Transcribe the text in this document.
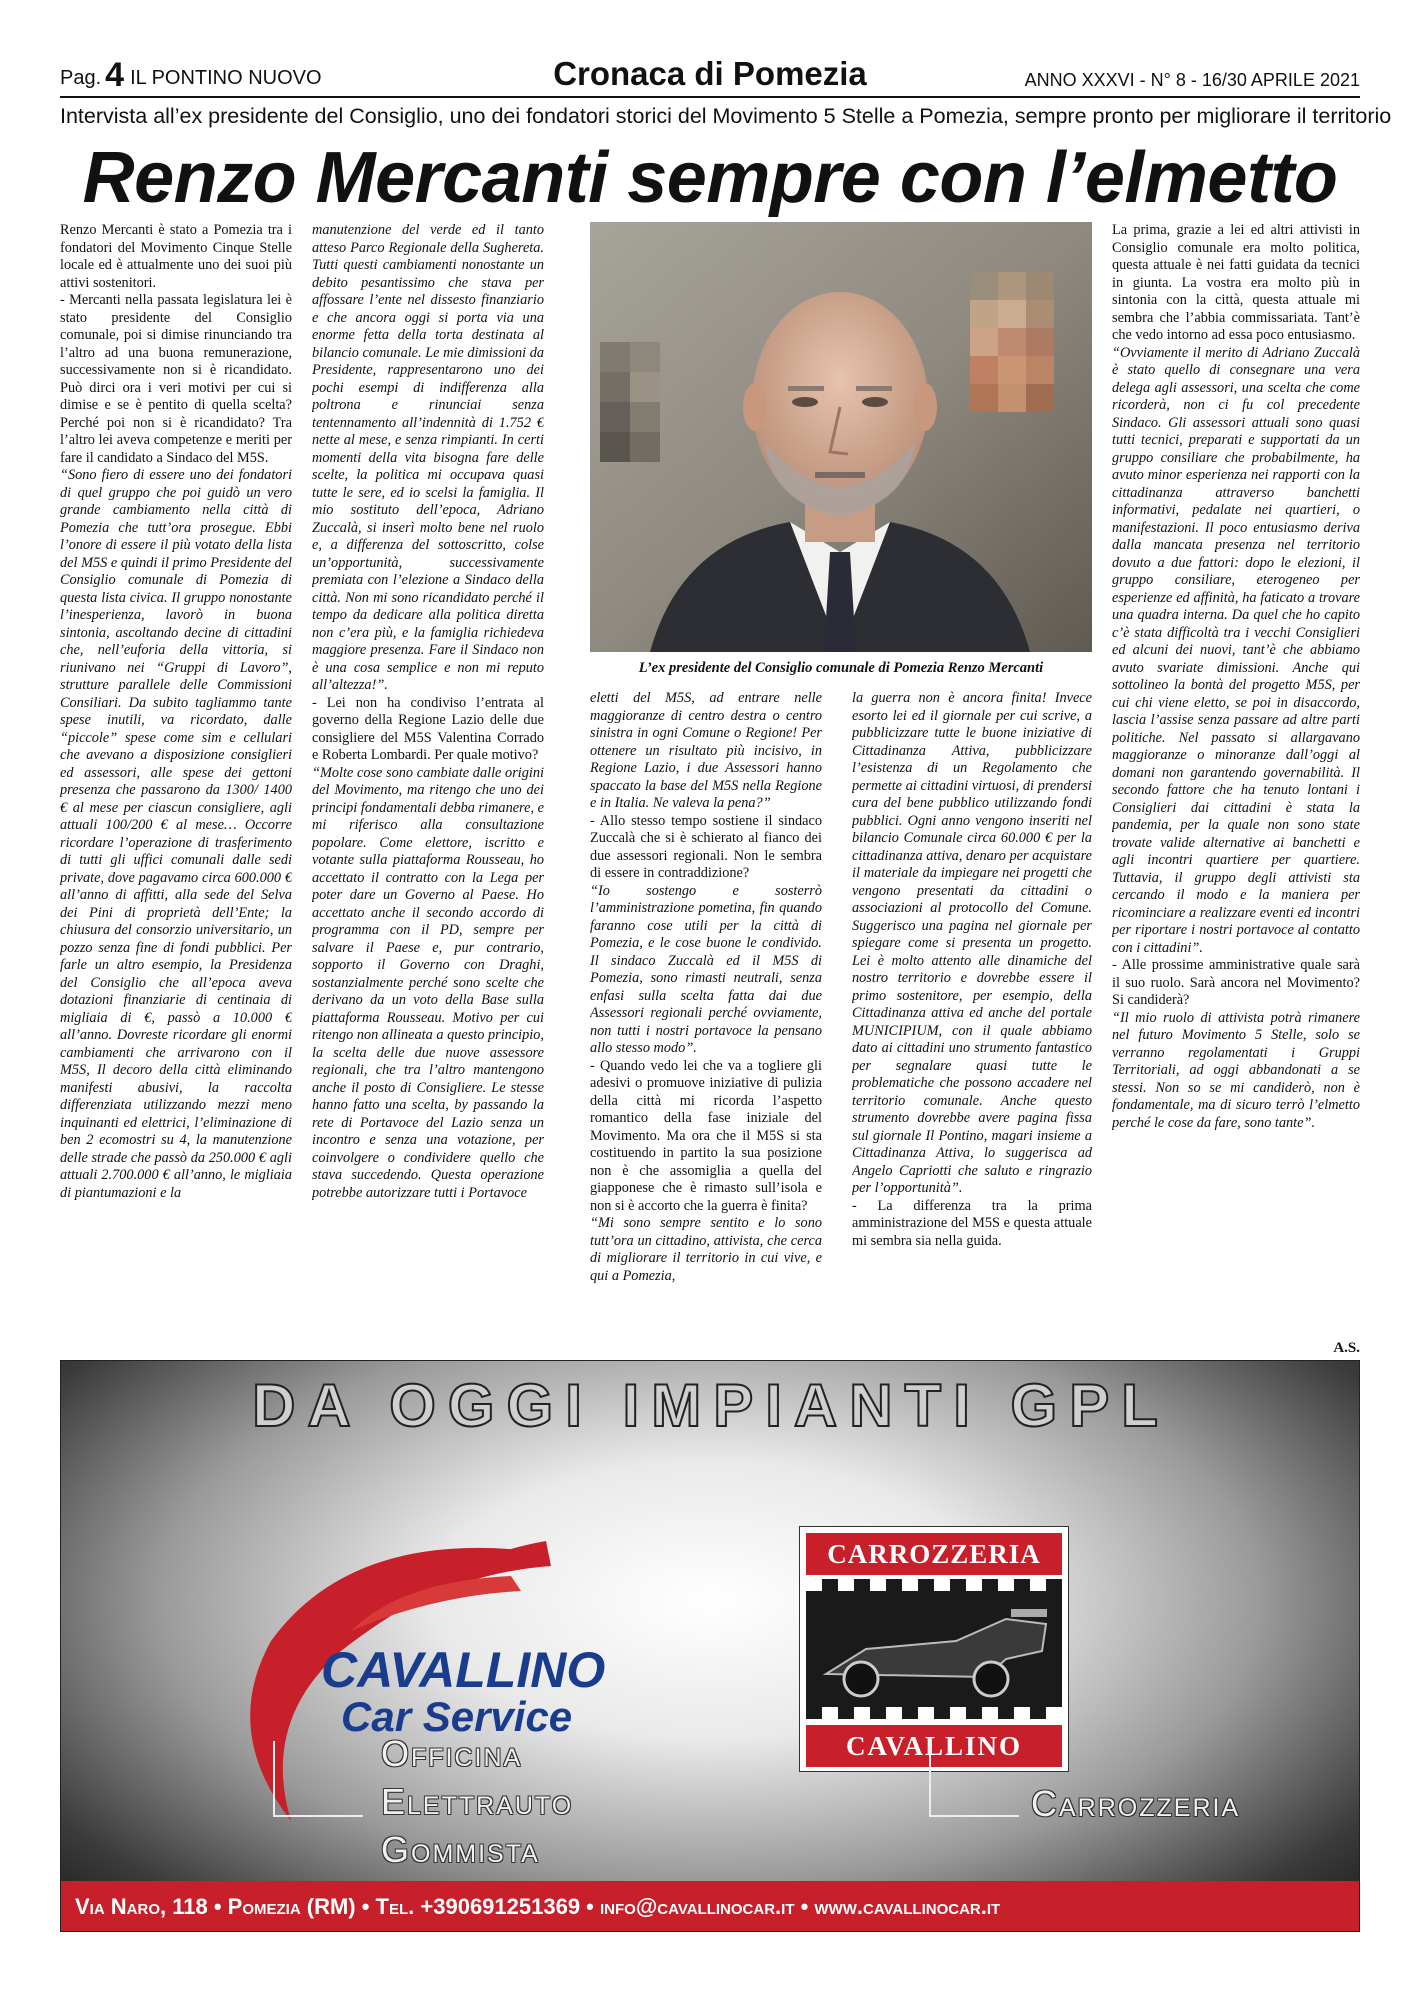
Pag. 4 IL PONTINO NUOVO	Cronaca di Pomezia	ANNO XXXVI - N° 8 - 16/30 APRILE 2021
Intervista all’ex presidente del Consiglio, uno dei fondatori storici del Movimento 5 Stelle a Pomezia, sempre pronto per migliorare il territorio
Renzo Mercanti sempre con l’elmetto

Renzo Mercanti è stato a Pomezia tra i fondatori del Movimento Cinque Stelle locale ed è attualmente uno dei suoi più attivi sostenitori.

- Mercanti nella passata legislatura lei è stato presidente del Consiglio comunale, poi si dimise rinunciando tra l’altro ad una buona remunerazione, successivamente non si è ricandidato. Può dirci ora i veri motivi per cui si dimise e se è pentito di quella scelta? Perché poi non si è ricandidato? Tra l’altro lei aveva competenze e meriti per fare il candidato a Sindaco del M5S.

“Sono fiero di essere uno dei fondatori di quel gruppo che poi guidò un vero grande cambiamento nella città di Pomezia che tutt’ora prosegue. Ebbi l’onore di essere il più votato della lista del M5S e quindi il primo Presidente del Consiglio comunale di Pomezia di questa lista civica. Il gruppo nonostante l’inesperienza, lavorò in buona sintonia, ascoltando decine di cittadini che, nell’euforia della vittoria, si riunivano nei “Gruppi di Lavoro”, strutture parallele delle Commissioni Consiliari. Da subito tagliammo tante spese inutili, va ricordato, dalle “piccole” spese come sim e cellulari che avevano a disposizione consiglieri ed assessori, alle spese dei gettoni presenza che passarono da 1300/ 1400 € al mese per ciascun consigliere, agli attuali 100/200 € al mese… Occorre ricordare l’operazione di trasferimento di tutti gli uffici comunali dalle sedi private, dove pagavamo circa 600.000 € all’anno di affitti, alla sede del Selva dei Pini di proprietà dell’Ente; la chiusura del consorzio universitario, un pozzo senza fine di fondi pubblici. Per farle un altro esempio, la Presidenza del Consiglio che all’epoca aveva dotazioni finanziarie di centinaia di migliaia di €, passò a 10.000 € all’anno. Dovreste ricordare gli enormi cambiamenti che arrivarono con il M5S, Il decoro della città eliminando manifesti abusivi, la raccolta differenziata utilizzando mezzi meno inquinanti ed elettrici, l’eliminazione di ben 2 ecomostri su 4, la manutenzione delle strade che passò da 250.000 € agli attuali 2.700.000 € all’anno, le migliaia di piantumazioni e la

manutenzione del verde ed il tanto atteso Parco Regionale della Sughereta. Tutti questi cambiamenti nonostante un debito pesantissimo che stava per affossare l’ente nel dissesto finanziario e che ancora oggi si porta via una enorme fetta della torta destinata al bilancio comunale. Le mie dimissioni da Presidente, rappresentarono uno dei pochi esempi di indifferenza alla poltrona e rinunciai senza tentennamento all’indennità di 1.752 € nette al mese, e senza rimpianti. In certi momenti della vita bisogna fare delle scelte, la politica mi occupava quasi tutte le sere, ed io scelsi la famiglia. Il mio sostituto dell’epoca, Adriano Zuccalà, si inserì molto bene nel ruolo e, a differenza del sottoscritto, colse un’opportunità, successivamente premiata con l’elezione a Sindaco della città. Non mi sono ricandidato perché il tempo da dedicare alla politica diretta non c’era più, e la famiglia richiedeva maggiore presenza. Fare il Sindaco non è una cosa semplice e non mi reputo all’altezza!”.

- Lei non ha condiviso l’entrata al governo della Regione Lazio delle due consigliere del M5S Valentina Corrado e Roberta Lombardi. Per quale motivo?

“Molte cose sono cambiate dalle origini del Movimento, ma ritengo che uno dei principi fondamentali debba rimanere, e mi riferisco alla consultazione popolare. Come elettore, iscritto e votante sulla piattaforma Rousseau, ho accettato il contratto con la Lega per poter dare un Governo al Paese. Ho accettato anche il secondo accordo di programma con il PD, sempre per salvare il Paese e, pur contrario, sopporto il Governo con Draghi, sostanzialmente perché sono scelte che derivano da un voto della Base sulla piattaforma Rousseau. Motivo per cui ritengo non allineata a questo principio, la scelta delle due nuove assessore regionali, che tra l’altro mantengono anche il posto di Consigliere. Le stesse hanno fatto una scelta, by passando la rete di Portavoce del Lazio senza un incontro e senza una votazione, per coinvolgere o condividere quello che stava succedendo. Questa operazione potrebbe autorizzare tutti i Portavoce

L’ex presidente del Consiglio comunale di Pomezia Renzo Mercanti

eletti del M5S, ad entrare nelle maggioranze di centro destra o centro sinistra in ogni Comune o Regione! Per ottenere un risultato più incisivo, in Regione Lazio, i due Assessori hanno spaccato la base del M5S nella Regione e in Italia. Ne valeva la pena?”

- Allo stesso tempo sostiene il sindaco Zuccalà che si è schierato al fianco dei due assessori regionali. Non le sembra di essere in contraddizione?

“Io sostengo e sosterrò l’amministrazione pometina, fin quando faranno cose utili per la città di Pomezia, e le cose buone le condivido. Il sindaco Zuccalà ed il M5S di Pomezia, sono rimasti neutrali, senza enfasi sulla scelta fatta dai due Assessori regionali perché ovviamente, non tutti i nostri portavoce la pensano allo stesso modo”.

- Quando vedo lei che va a togliere gli adesivi o promuove iniziative di pulizia della città mi ricorda l’aspetto romantico della fase iniziale del Movimento. Ma ora che il M5S si sta costituendo in partito la sua posizione non è che assomiglia a quella del giapponese che è rimasto sull’isola e non si è accorto che la guerra è finita?

“Mi sono sempre sentito e lo sono tutt’ora un cittadino, attivista, che cerca di migliorare il territorio in cui vive, e qui a Pomezia,

la guerra non è ancora finita! Invece esorto lei ed il giornale per cui scrive, a pubblicizzare tutte le buone iniziative di Cittadinanza Attiva, pubblicizzare l’esistenza di un Regolamento che permette ai cittadini virtuosi, di prendersi cura del bene pubblico utilizzando fondi pubblici. Ogni anno vengono inseriti nel bilancio Comunale circa 60.000 € per la cittadinanza attiva, denaro per acquistare il materiale da impiegare nei progetti che vengono presentati da cittadini o associazioni al protocollo del Comune. Suggerisco una pagina nel giornale per spiegare come si presenta un progetto. Lei è molto attento alle dinamiche del nostro territorio e dovrebbe essere il primo sostenitore, per esempio, della Cittadinanza attiva ed anche del portale MUNICIPIUM, con il quale abbiamo dato ai cittadini uno strumento fantastico per segnalare quasi tutte le problematiche che possono accadere nel territorio comunale. Anche questo strumento dovrebbe avere pagina fissa sul giornale Il Pontino, magari insieme a Cittadinanza Attiva, lo suggerisca ad Angelo Capriotti che saluto e ringrazio per l’opportunità”.

- La differenza tra la prima amministrazione del M5S e questa attuale mi sembra sia nella guida.

La prima, grazie a lei ed altri attivisti in Consiglio comunale era molto politica, questa attuale è nei fatti guidata da tecnici in giunta. La vostra era molto più in sintonia con la città, questa attuale mi sembra che l’abbia commissariata. Tant’è che vedo intorno ad essa poco entusiasmo.

“Ovviamente il merito di Adriano Zuccalà è stato quello di consegnare una vera delega agli assessori, una scelta che come ricorderà, non ci fu col precedente Sindaco. Gli assessori attuali sono quasi tutti tecnici, preparati e supportati da un gruppo consiliare che probabilmente, ha avuto minor esperienza nei rapporti con la cittadinanza attraverso banchetti informativi, pedalate nei quartieri, o manifestazioni. Il poco entusiasmo deriva dalla mancata presenza nel territorio dovuto a due fattori: dopo le elezioni, il gruppo consiliare, eterogeneo per esperienze ed affinità, ha faticato a trovare una quadra interna. Da quel che ho capito c’è stata difficoltà tra i vecchi Consiglieri ed alcuni dei nuovi, tant’è che abbiamo avuto svariate dimissioni. Anche qui sottolineo la bontà del progetto M5S, per cui chi viene eletto, se poi in disaccordo, lascia l’assise senza passare ad altre parti politiche. Nel passato si allargavano maggioranze o minoranze dall’oggi al domani non garantendo governabilità. Il secondo fattore che ha tenuto lontani i Consiglieri dai cittadini è stata la pandemia, per la quale non sono state trovate valide alternative ai banchetti e agli incontri quartiere per quartiere. Tuttavia, il gruppo degli attivisti sta cercando il modo e la maniera per ricominciare a realizzare eventi ed incontri per riportare i nostri portavoce al contatto con i cittadini”.

- Alle prossime amministrative quale sarà il suo ruolo. Sarà ancora nel Movimento? Si candiderà?

“Il mio ruolo di attivista potrà rimanere nel futuro Movimento 5 Stelle, solo se verranno regolamentati i Gruppi Territoriali, ad oggi abbandonati a se stessi. Non so se mi candiderò, non è fondamentale, ma di sicuro terrò l’elmetto perché le cose da fare, sono tante”.

A.S.
DA OGGI IMPIANTI GPL
CAVALLINO
Car Service
CARROZZERIA
CAVALLINO
Officina
Elettrauto
Gommista
Carrozzeria
Via Naro, 118 • Pomezia (RM) • Tel. +390691251369 • info@cavallinocar.it • www.cavallinocar.it
